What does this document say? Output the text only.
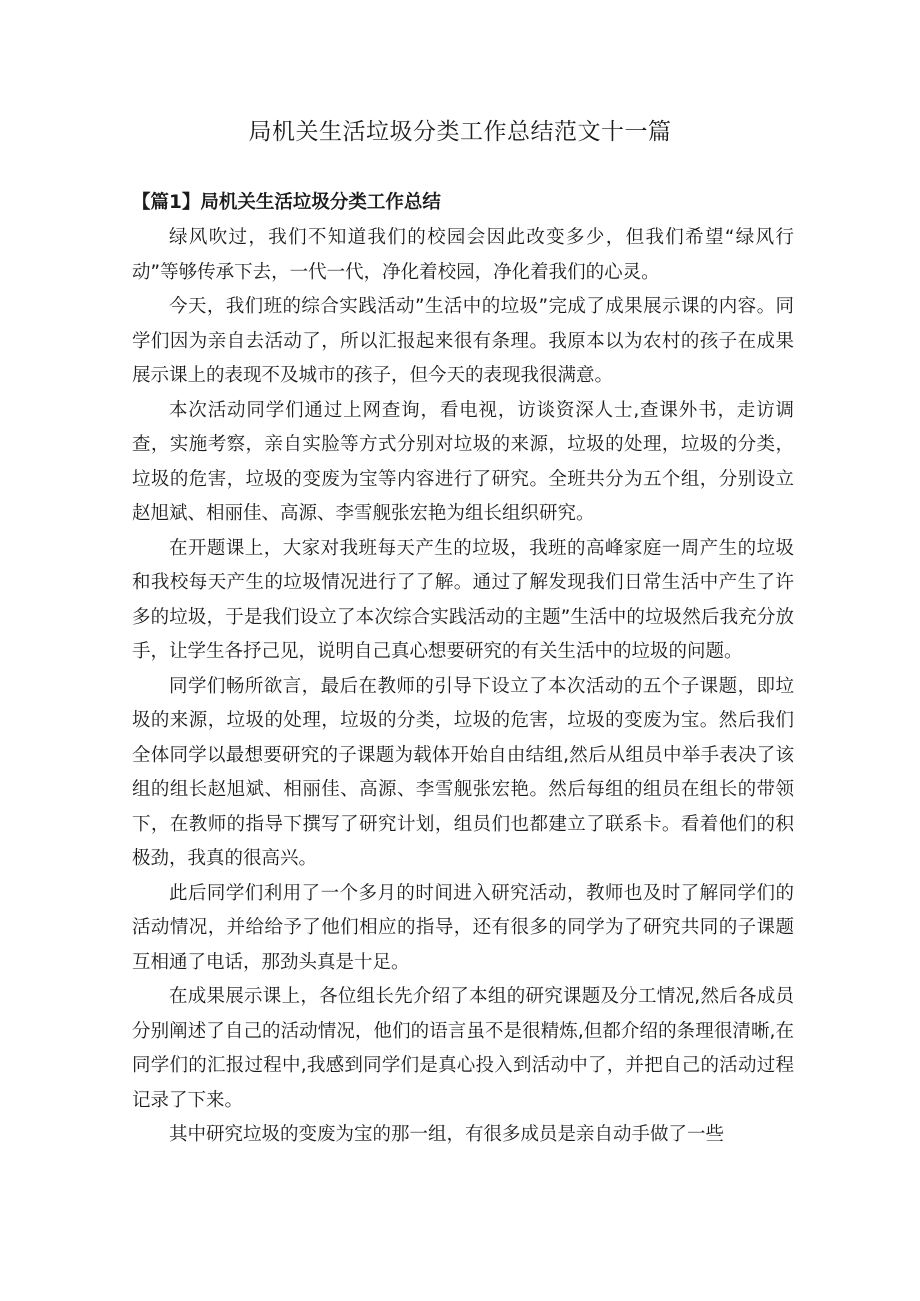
局机关生活垃圾分类工作总结范文十一篇
【篇1】局机关生活垃圾分类工作总结

绿风吹过，我们不知道我们的校园会因此改变多少，但我们希望“绿风行动”等够传承下去，一代一代，净化着校园，净化着我们的心灵。

今天，我们班的综合实践活动”生活中的垃圾”完成了成果展示课的内容。同学们因为亲自去活动了，所以汇报起来很有条理。我原本以为农村的孩子在成果展示课上的表现不及城市的孩子，但今天的表现我很满意。

本次活动同学们通过上网查询，看电视，访谈资深人士,查课外书，走访调查，实施考察，亲自实脸等方式分别对垃圾的来源，垃圾的处理，垃圾的分类，垃圾的危害，垃圾的变废为宝等内容进行了研究。全班共分为五个组，分别设立赵旭斌、相丽佳、高源、李雪舰张宏艳为组长组织研究。

在开题课上，大家对我班每天产生的垃圾，我班的高峰家庭一周产生的垃圾和我校每天产生的垃圾情况进行了了解。通过了解发现我们日常生活中产生了许多的垃圾，于是我们设立了本次综合实践活动的主题”生活中的垃圾然后我充分放手，让学生各抒己见，说明自己真心想要研究的有关生活中的垃圾的问题。

同学们畅所欲言，最后在教师的引导下设立了本次活动的五个子课题，即垃圾的来源，垃圾的处理，垃圾的分类，垃圾的危害，垃圾的变废为宝。然后我们全体同学以最想要研究的子课题为载体开始自由结组,然后从组员中举手表决了该组的组长赵旭斌、相丽佳、高源、李雪舰张宏艳。然后每组的组员在组长的带领下，在教师的指导下撰写了研究计划，组员们也都建立了联系卡。看着他们的积极劲，我真的很高兴。

此后同学们利用了一个多月的时间进入研究活动，教师也及时了解同学们的活动情况，并给给予了他们相应的指导，还有很多的同学为了研究共同的子课题互相通了电话，那劲头真是十足。

在成果展示课上，各位组长先介绍了本组的研究课题及分工情况,然后各成员分别阐述了自己的活动情况，他们的语言虽不是很精炼,但都介绍的条理很清晰,在同学们的汇报过程中,我感到同学们是真心投入到活动中了，并把自己的活动过程记录了下来。

其中研究垃圾的变废为宝的那一组，有很多成员是亲自动手做了一些
